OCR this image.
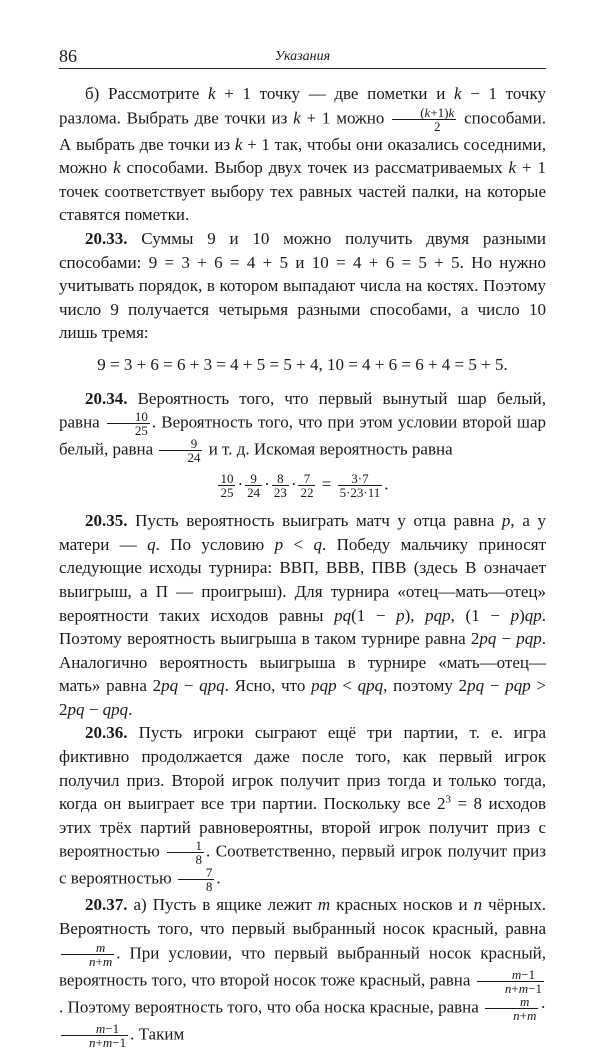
86	Указания

б) Рассмотрите k + 1 точку — две пометки и k − 1 точку разлома. Выбрать две точки из k + 1 можно $\frac{(k+1)k}{2}$ способами. А выбрать две точки из k + 1 так, чтобы они оказались соседними, можно k способами. Выбор двух точек из рассматриваемых k + 1 точек соответствует выбору тех равных частей палки, на которые ставятся пометки.

20.33. Суммы 9 и 10 можно получить двумя разными способами: 9 = 3 + 6 = 4 + 5 и 10 = 4 + 6 = 5 + 5. Но нужно учитывать порядок, в котором выпадают числа на костях. Поэтому число 9 получается четырьмя разными способами, а число 10 лишь тремя:

9 = 3 + 6 = 6 + 3 = 4 + 5 = 5 + 4, 10 = 4 + 6 = 6 + 4 = 5 + 5.

20.34. Вероятность того, что первый вынутый шар белый, равна $\frac{10}{25}$ . Вероятность того, что при этом условии второй шар белый, равна $\frac{9}{24}$ и т. д. Искомая вероятность равна

$\frac{10}{25} \cdot \frac{9}{24} \cdot \frac{8}{23} \cdot \frac{7}{22} = \frac{3\cdot 7}{5\cdot 23\cdot 11}$ .

20.35. Пусть вероятность выиграть матч у отца равна p, а у матери — q. По условию p < q. Победу мальчику приносят следующие исходы турнира: ВВП, ВВВ, ПВВ (здесь В означает выигрыш, а П — проигрыш). Для турнира «отец—мать—отец» вероятности таких исходов равны pq(1 − p), pqp, (1 − p)qp. Поэтому вероятность выигрыша в таком турнире равна 2pq − pqp. Аналогично вероятность выигрыша в турнире «мать—отец—мать» равна 2pq − qpq. Ясно, что pqp < qpq, поэтому 2pq − pqp > 2pq − qpq.

20.36. Пусть игроки сыграют ещё три партии, т. е. игра фиктивно продолжается даже после того, как первый игрок получил приз. Второй игрок получит приз тогда и только тогда, когда он выиграет все три партии. Поскольку все $2^3 = 8$ исходов этих трёх партий равновероятны, второй игрок получит приз с вероятностью $\frac{1}{8}$ . Соответственно, первый игрок получит приз с вероятностью $\frac{7}{8}$ .

20.37. а) Пусть в ящике лежит m красных носков и n чёрных. Вероятность того, что первый выбранный носок красный, равна
$\frac{m}{n+m}$ . При условии, что первый выбранный носок красный, вероятность того, что второй носок тоже красный, равна $\frac{m-1}{n+m-1}$
. Поэтому вероятность того, что оба носка красные, равна $\frac{m}{n+m}$ ·
$\frac{m-1}{n+m-1}$ . Таким
